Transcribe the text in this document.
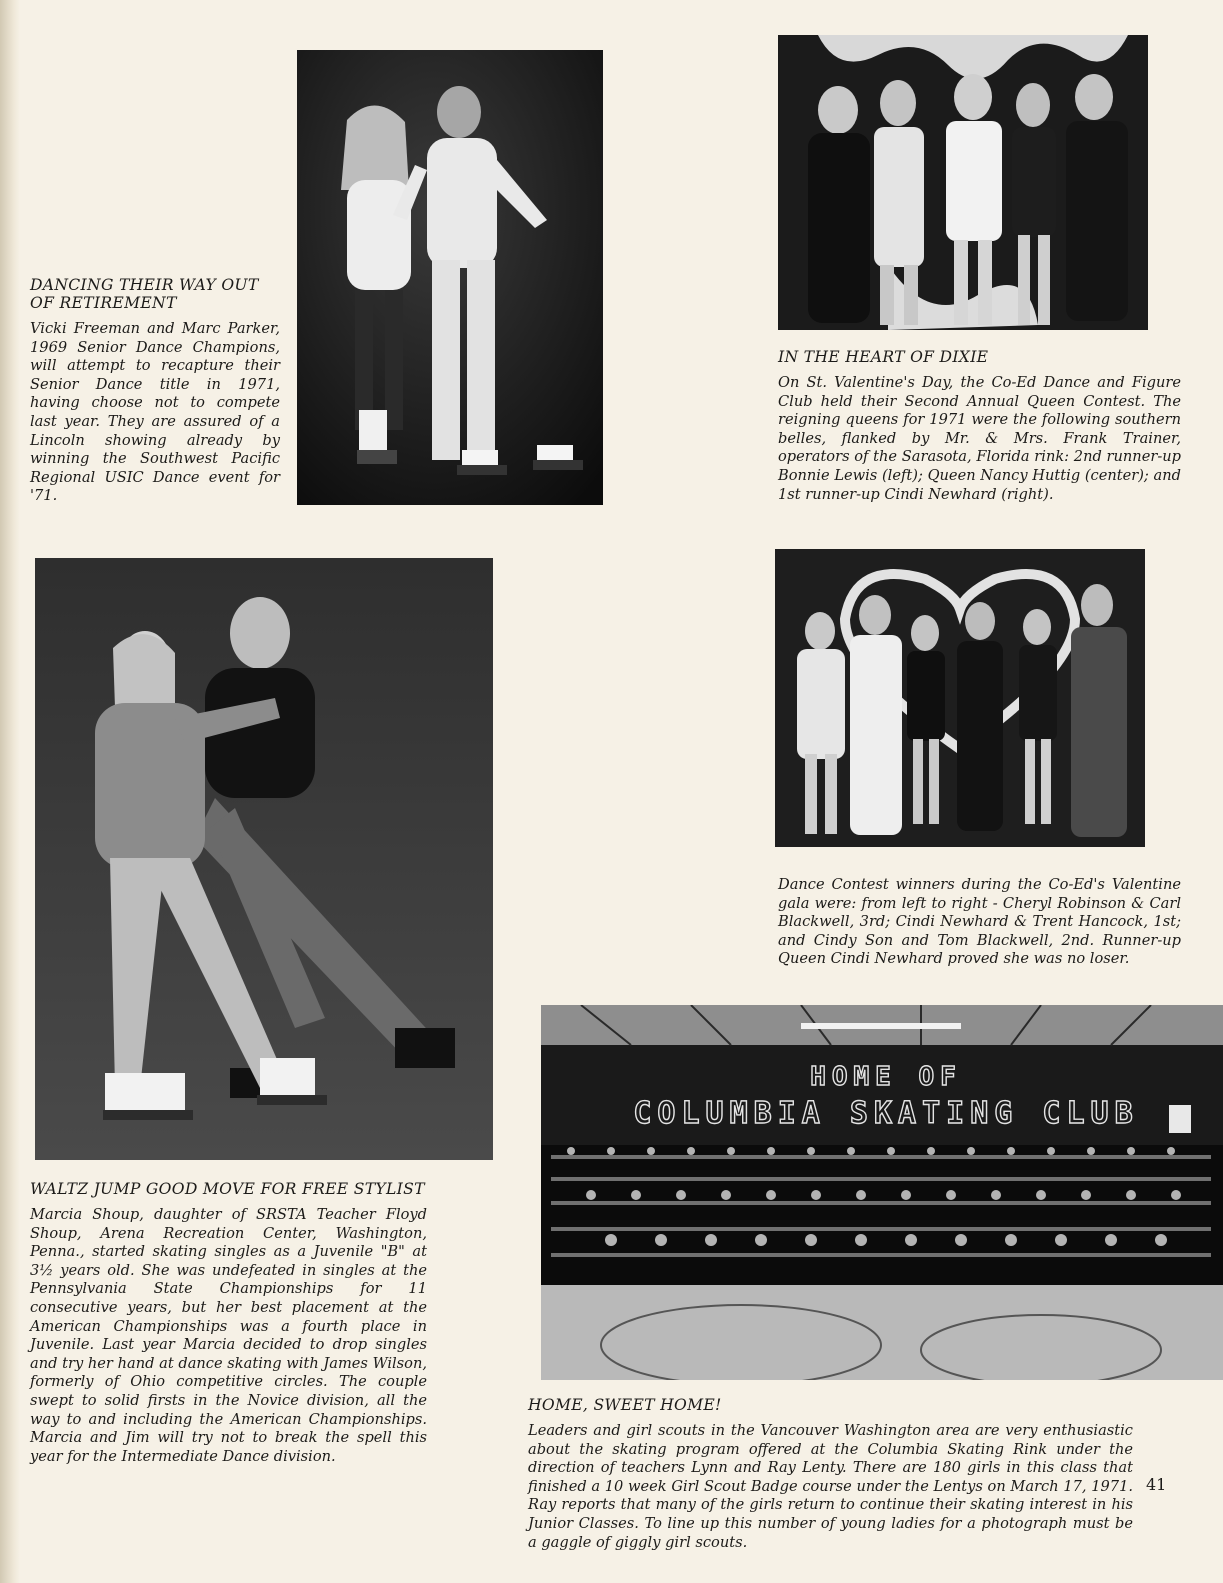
HOME OF
COLUMBIA SKATING CLUB
DANCING THEIR WAY OUT OF RETIREMENT
Vicki Freeman and Marc Parker, 1969 Senior Dance Champions, will attempt to recapture their Senior Dance title in 1971, having choose not to compete last year. They are assured of a Lincoln showing already by winning the Southwest Pacific Regional USIC Dance event for '71.
IN THE HEART OF DIXIE
On St. Valentine's Day, the Co-Ed Dance and Figure Club held their Second Annual Queen Contest. The reigning queens for 1971 were the following southern belles, flanked by Mr. & Mrs. Frank Trainer, operators of the Sarasota, Florida rink: 2nd runner-up Bonnie Lewis (left); Queen Nancy Huttig (center); and 1st runner-up Cindi Newhard (right).
Dance Contest winners during the Co-Ed's Valentine gala were: from left to right - Cheryl Robinson & Carl Blackwell, 3rd; Cindi Newhard & Trent Hancock, 1st; and Cindy Son and Tom Blackwell, 2nd. Runner-up Queen Cindi Newhard proved she was no loser.
WALTZ JUMP GOOD MOVE FOR FREE STYLIST
Marcia Shoup, daughter of SRSTA Teacher Floyd Shoup, Arena Recreation Center, Washington, Penna., started skating singles as a Juvenile "B" at 3½ years old. She was undefeated in singles at the Pennsylvania State Championships for 11 consecutive years, but her best placement at the American Championships was a fourth place in Juvenile. Last year Marcia decided to drop singles and try her hand at dance skating with James Wilson, formerly of Ohio competitive circles. The couple swept to solid firsts in the Novice division, all the way to and including the American Championships. Marcia and Jim will try not to break the spell this year for the Intermediate Dance division.
HOME, SWEET HOME!
Leaders and girl scouts in the Vancouver Washington area are very enthusiastic about the skating program offered at the Columbia Skating Rink under the direction of teachers Lynn and Ray Lenty. There are 180 girls in this class that finished a 10 week Girl Scout Badge course under the Lentys on March 17, 1971. Ray reports that many of the girls return to continue their skating interest in his Junior Classes. To line up this number of young ladies for a photograph must be a gaggle of giggly girl scouts.
41
